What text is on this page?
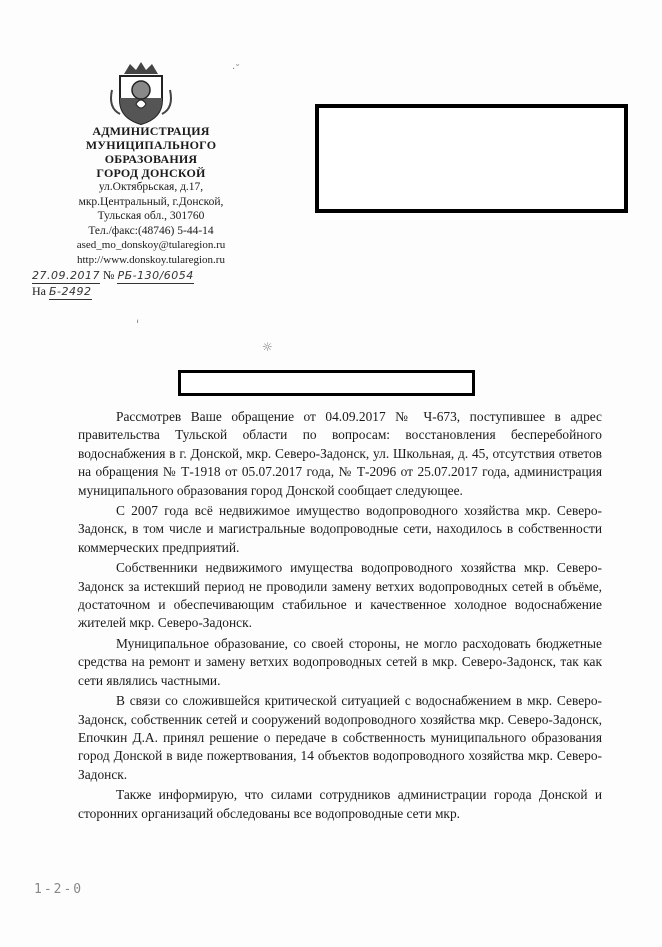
АДМИНИСТРАЦИЯ

МУНИЦИПАЛЬНОГО

ОБРАЗОВАНИЯ

ГОРОД ДОНСКОЙ

ул.Октябрьская, д.17,

мкр.Центральный, г.Донской,

Тульская обл., 301760

Тел./факс:(48746) 5-44-14

ased_mo_donskoy@tularegion.ru

http://www.donskoy.tularegion.ru

27.09.2017 № РБ-130/6054
На Б-2492
·˘
ˈ
☼

Рассмотрев Ваше обращение от 04.09.2017 № Ч-673, поступившее в адрес правительства Тульской области по вопросам: восстановления бесперебойного водоснабжения в г. Донской, мкр. Северо-Задонск, ул. Школьная, д. 45, отсутствия ответов на обращения № Т-1918 от 05.07.2017 года, № Т-2096 от 25.07.2017 года, администрация муниципального образования город Донской сообщает следующее.

С 2007 года всё недвижимое имущество водопроводного хозяйства мкр. Северо-Задонск, в том числе и магистральные водопроводные сети, находилось в собственности коммерческих предприятий.

Собственники недвижимого имущества водопроводного хозяйства мкр. Северо-Задонск за истекший период не проводили замену ветхих водопроводных сетей в объёме, достаточном и обеспечивающим стабильное и качественное холодное водоснабжение жителей мкр. Северо-Задонск.

Муниципальное образование, со своей стороны, не могло расходовать бюджетные средства на ремонт и замену ветхих водопроводных сетей в мкр. Северо-Задонск, так как сети являлись частными.

В связи со сложившейся критической ситуацией с водоснабжением в мкр. Северо-Задонск, собственник сетей и сооружений водопроводного хозяйства мкр. Северо-Задонск, Епочкин Д.А. принял решение о передаче в собственность муниципального образования город Донской в виде пожертвования, 14 объектов водопроводного хозяйства мкр. Северо-Задонск.

Также информирую, что силами сотрудников администрации города Донской и сторонних организаций обследованы все водопроводные сети мкр.

1-2-0
